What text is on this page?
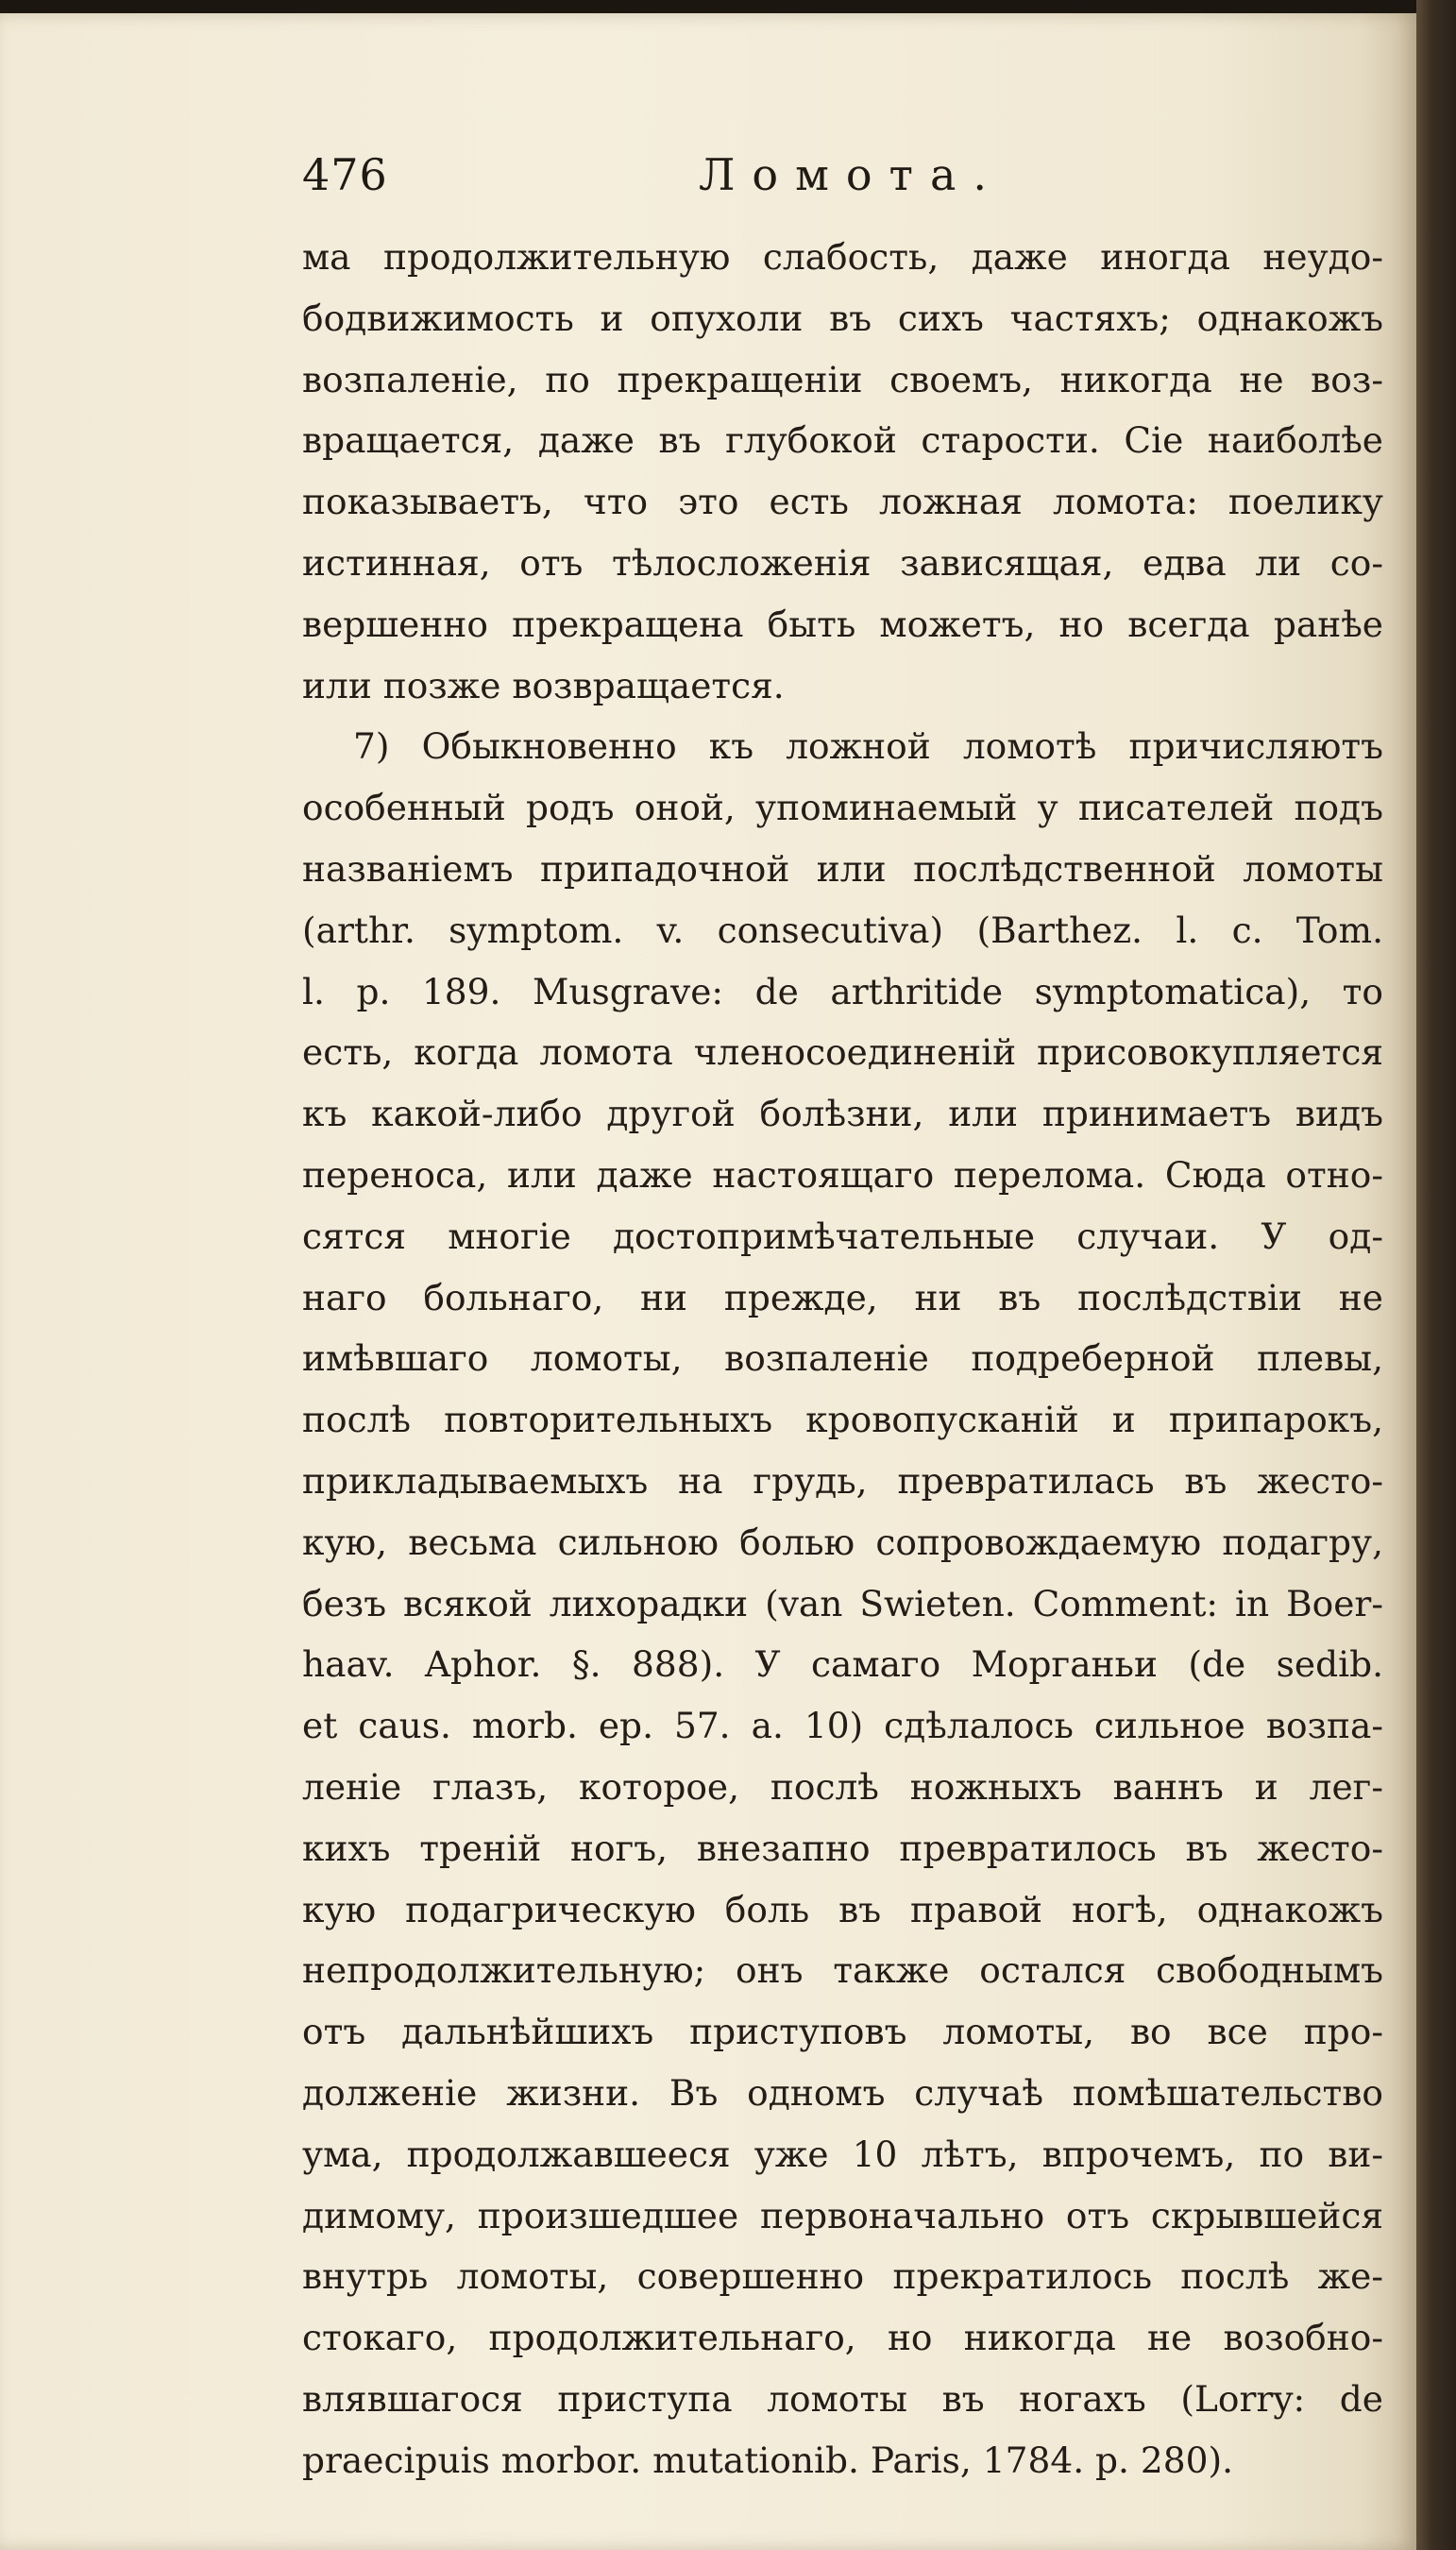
476	Ломота.
ма продолжительную слабость, даже иногда неудо-
бодвижимость и опухоли въ сихъ частяхъ; однакожъ
возпаленіе, по прекращеніи своемъ, никогда не воз-
вращается, даже въ глубокой старости. Сіе наиболѣе
показываетъ, что это есть ложная ломота: поелику
истинная, отъ тѣлосложенія зависящая, едва ли со-
вершенно прекращена быть можетъ, но всегда ранѣе
или позже возвращается.
7) Обыкновенно къ ложной ломотѣ причисляютъ
особенный родъ оной, упоминаемый у писателей подъ
названіемъ припадочной или послѣдственной ломоты
(arthr. symptom. v. consecutiva) (Barthez. l. c. Tom.
l. p. 189. Musgrave: de arthritide symptomatica), то
есть, когда ломота членосоединеній присовокупляется
къ какой-либо другой болѣзни, или принимаетъ видъ
переноса, или даже настоящаго перелома. Сюда отно-
сятся многіе достопримѣчательные случаи. У од-
наго больнаго, ни прежде, ни въ послѣдствіи не
имѣвшаго ломоты, возпаленіе подреберной плевы,
послѣ повторительныхъ кровопусканій и припарокъ,
прикладываемыхъ на грудь, превратилась въ жесто-
кую, весьма сильною болью сопровождаемую подагру,
безъ всякой лихорадки (van Swieten. Comment: in Boer-
haav. Aphor. §. 888). У самаго Морганьи (de sedib.
et caus. morb. ep. 57. a. 10) сдѣлалось сильное возпа-
леніе глазъ, которое, послѣ ножныхъ ваннъ и лег-
кихъ треній ногъ, внезапно превратилось въ жесто-
кую подагрическую боль въ правой ногѣ, однакожъ
непродолжительную; онъ также остался свободнымъ
отъ дальнѣйшихъ приступовъ ломоты, во все про-
долженіе жизни. Въ одномъ случаѣ помѣшательство
ума, продолжавшееся уже 10 лѣтъ, впрочемъ, по ви-
димому, произшедшее первоначально отъ скрывшейся
внутрь ломоты, совершенно прекратилось послѣ же-
стокаго, продолжительнаго, но никогда не возобно-
влявшагося приступа ломоты въ ногахъ (Lorry: de
praecipuis morbor. mutationib. Paris, 1784. p. 280).
